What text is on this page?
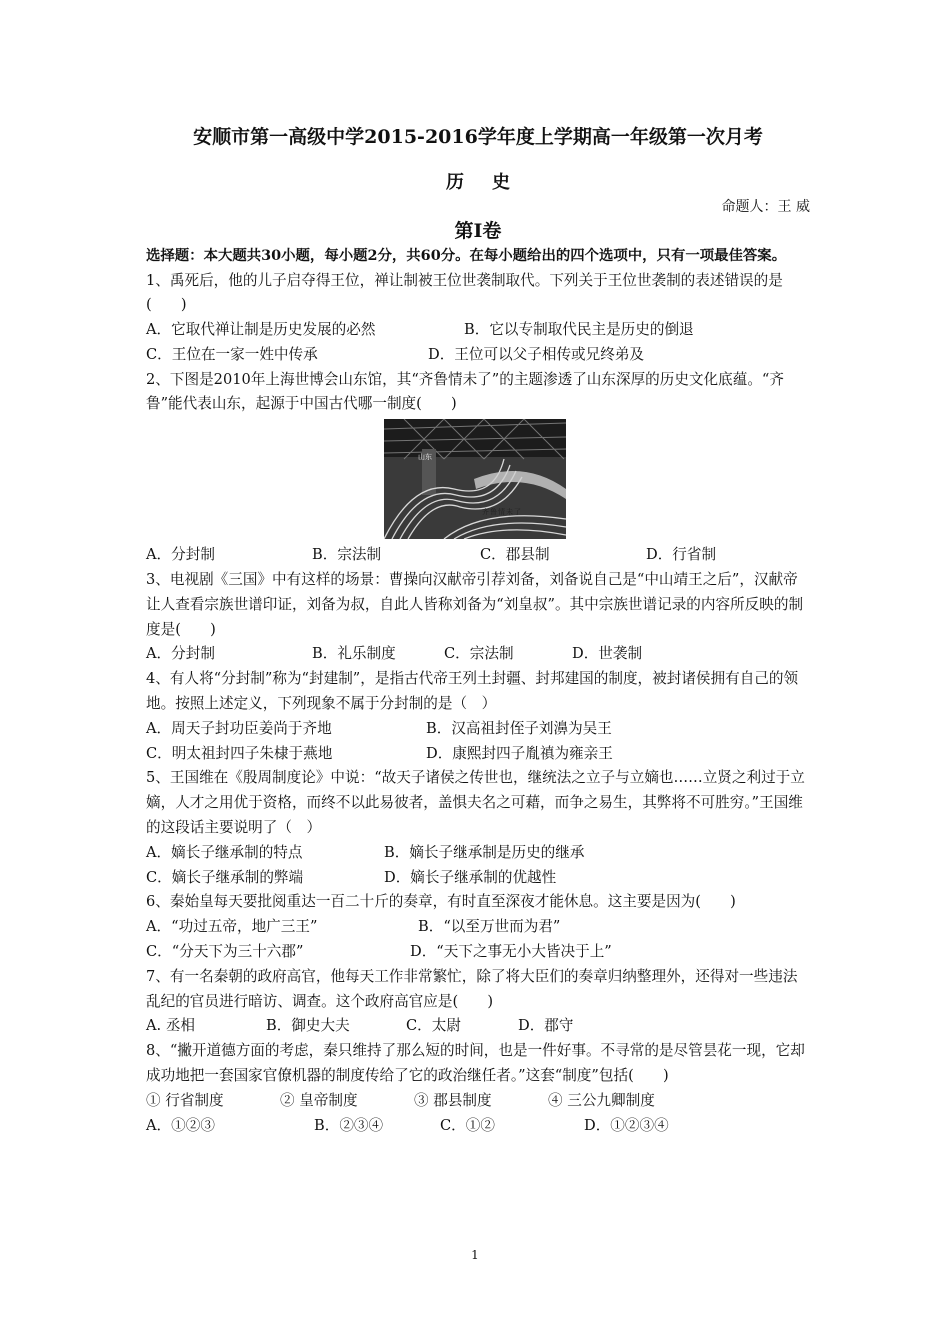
安顺市第一高级中学2015-2016学年度上学期高一年级第一次月考
历史
命题人：王 威
第I卷

选择题：本大题共30小题，每小题2分，共60分。在每小题给出的四个选项中，只有一项最佳答案。

1、禹死后，他的儿子启夺得王位，禅让制被王位世袭制取代。下列关于王位世袭制的表述错误的是(　　)

A．它取代禅让制是历史发展的必然	B．它以专制取代民主是历史的倒退
C．王位在一家一姓中传承	D．王位可以父子相传或兄终弟及

2、下图是2010年上海世博会山东馆，其“齐鲁情未了”的主题渗透了山东深厚的历史文化底蕴。“齐鲁”能代表山东，起源于中国古代哪一制度(　　)

山东
齐鲁情未了
A．分封制	B．宗法制	C．郡县制	D．行省制

3、电视剧《三国》中有这样的场景：曹操向汉献帝引荐刘备，刘备说自己是“中山靖王之后”，汉献帝让人查看宗族世谱印证，刘备为叔，自此人皆称刘备为“刘皇叔”。其中宗族世谱记录的内容所反映的制度是(　　)

A．分封制	B．礼乐制度	C．宗法制	D．世袭制

4、有人将“分封制”称为“封建制”，是指古代帝王列土封疆、封邦建国的制度，被封诸侯拥有自己的领地。按照上述定义，下列现象不属于分封制的是（　）

A．周天子封功臣姜尚于齐地	B．汉高祖封侄子刘濞为吴王
C．明太祖封四子朱棣于燕地	D．康熙封四子胤禛为雍亲王

5、王国维在《殷周制度论》中说：“故天子诸侯之传世也，继统法之立子与立嫡也……立贤之利过于立嫡，人才之用优于资格，而终不以此易彼者，盖惧夫名之可藉，而争之易生，其弊将不可胜穷。”王国维的这段话主要说明了（　）

A．嫡长子继承制的特点	B．嫡长子继承制是历史的继承
C．嫡长子继承制的弊端	D．嫡长子继承制的优越性

6、秦始皇每天要批阅重达一百二十斤的奏章，有时直至深夜才能休息。这主要是因为(　　)

A．“功过五帝，地广三王”	B．“以至万世而为君”
C．“分天下为三十六郡”	D．“天下之事无小大皆决于上”

7、有一名秦朝的政府高官，他每天工作非常繁忙，除了将大臣们的奏章归纳整理外，还得对一些违法乱纪的官员进行暗访、调查。这个政府高官应是(　　)

A. 丞相	B．御史大夫	C．太尉	D．郡守

8、“撇开道德方面的考虑，秦只维持了那么短的时间，也是一件好事。不寻常的是尽管昙花一现，它却成功地把一套国家官僚机器的制度传给了它的政治继任者。”这套“制度”包括(　　)

① 行省制度	② 皇帝制度	③ 郡县制度	④ 三公九卿制度
A．①②③	B．②③④	C．①②	D．①②③④
1
